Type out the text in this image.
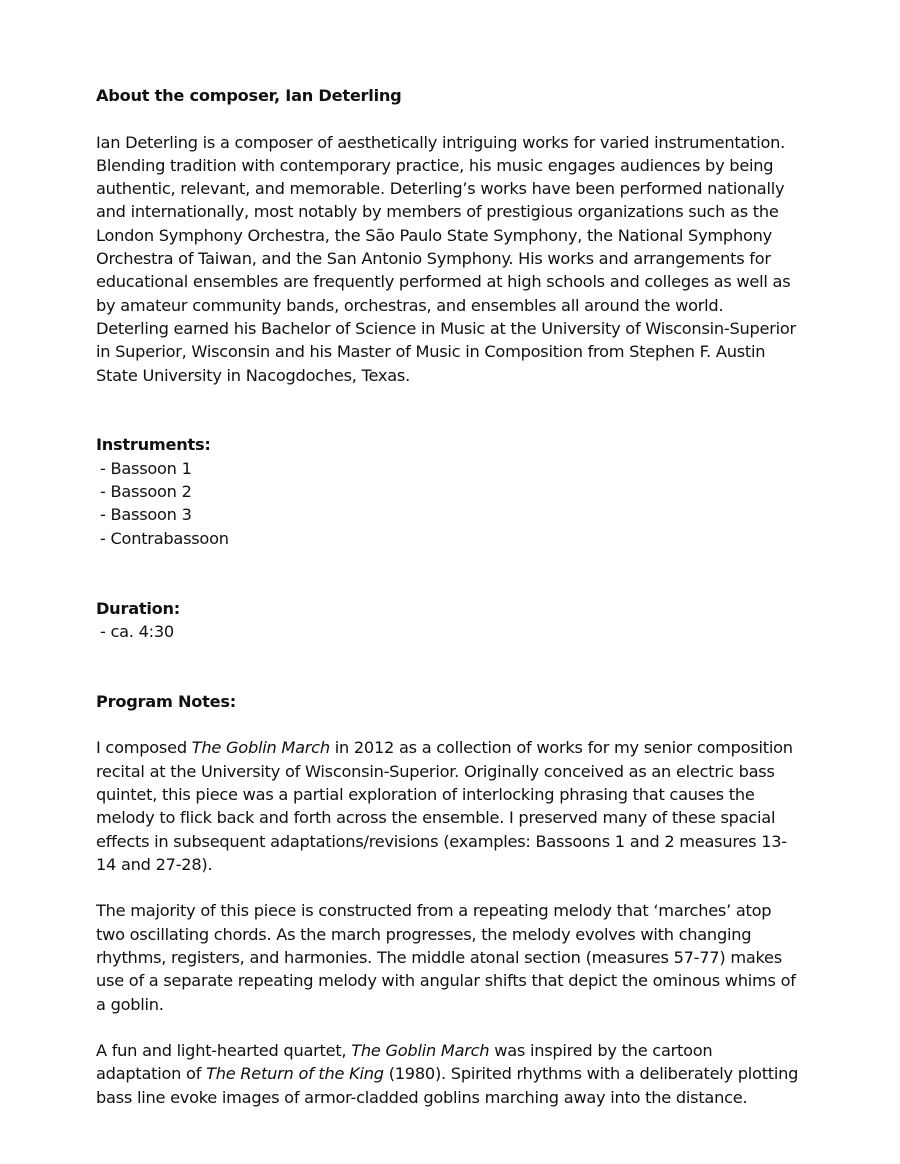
About the composer, Ian Deterling

Ian Deterling is a composer of aesthetically intriguing works for varied instrumentation. Blending tradition with contemporary practice, his music engages audiences by being authentic, relevant, and memorable. Deterling’s works have been performed nationally and internationally, most notably by members of prestigious organizations such as the London Symphony Orchestra, the São Paulo State Symphony, the National Symphony Orchestra of Taiwan, and the San Antonio Symphony. His works and arrangements for educational ensembles are frequently performed at high schools and colleges as well as by amateur community bands, orchestras, and ensembles all around the world. Deterling earned his Bachelor of Science in Music at the University of Wisconsin-Superior in Superior, Wisconsin and his Master of Music in Composition from Stephen F. Austin State University in Nacogdoches, Texas.

Instruments:

- Bassoon 1
- Bassoon 2
- Bassoon 3
- Contrabassoon

Duration:

- ca. 4:30

Program Notes:

I composed The Goblin March in 2012 as a collection of works for my senior composition recital at the University of Wisconsin-Superior. Originally conceived as an electric bass quintet, this piece was a partial exploration of interlocking phrasing that causes the melody to flick back and forth across the ensemble. I preserved many of these spacial effects in subsequent adaptations/revisions (examples: Bassoons 1 and 2 measures 13-14 and 27-28).

The majority of this piece is constructed from a repeating melody that ‘marches’ atop two oscillating chords. As the march progresses, the melody evolves with changing rhythms, registers, and harmonies. The middle atonal section (measures 57-77) makes use of a separate repeating melody with angular shifts that depict the ominous whims of a goblin.

A fun and light-hearted quartet, The Goblin March was inspired by the cartoon adaptation of The Return of the King (1980). Spirited rhythms with a deliberately plotting bass line evoke images of armor-cladded goblins marching away into the distance.
